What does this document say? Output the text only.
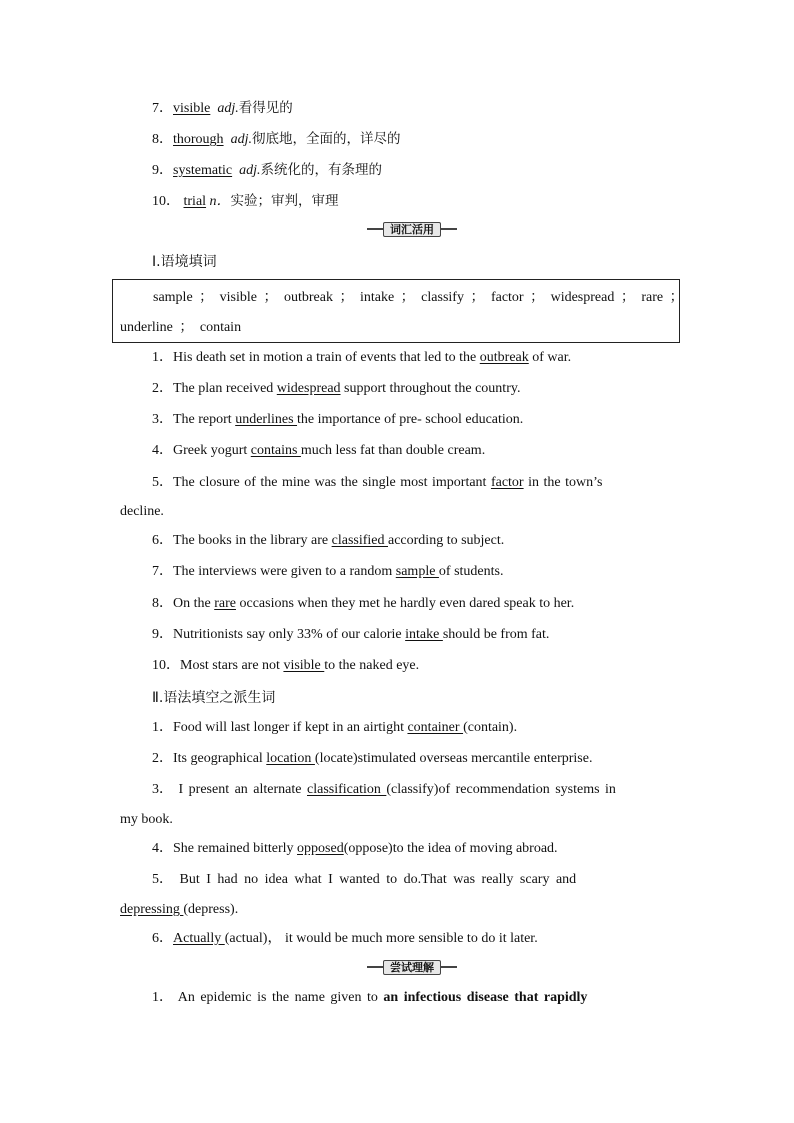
7．visible adj.看得见的
8．thorough adj.彻底地，全面的，详尽的
9．systematic adj.系统化的，有条理的
10． trial n．实验；审判，审理
词汇活用
Ⅰ.语境填词
sample ； visible ； outbreak ； intake ； classify ； factor ； widespread ； rare ；
underline ； contain
1．His death set in motion a train of events that led to the outbreak of war.
2．The plan received widespread support throughout the country.
3．The report underlines the importance of pre- school education.
4．Greek yogurt contains much less fat than double cream.
5．The closure of the mine was the single most important factor in the town’s
decline.
6．The books in the library are classified according to subject.
7．The interviews were given to a random sample of students.
8．On the rare occasions when they met he hardly even dared speak to her.
9．Nutritionists say only 33% of our calorie intake should be from fat.
10．Most stars are not visible to the naked eye.
Ⅱ.语法填空之派生词
1．Food will last longer if kept in an airtight container (contain).
2．Its geographical location (locate)stimulated overseas mercantile enterprise.
3． I present an alternate classification (classify)of recommendation systems in
my book.
4．She remained bitterly opposed(oppose)to the idea of moving abroad.
5． But I had no idea what I wanted to do.That was really scary and
depressing (depress).
6．Actually (actual)， it would be much more sensible to do it later.
尝试理解
1． An epidemic is the name given to an infectious disease that rapidly
